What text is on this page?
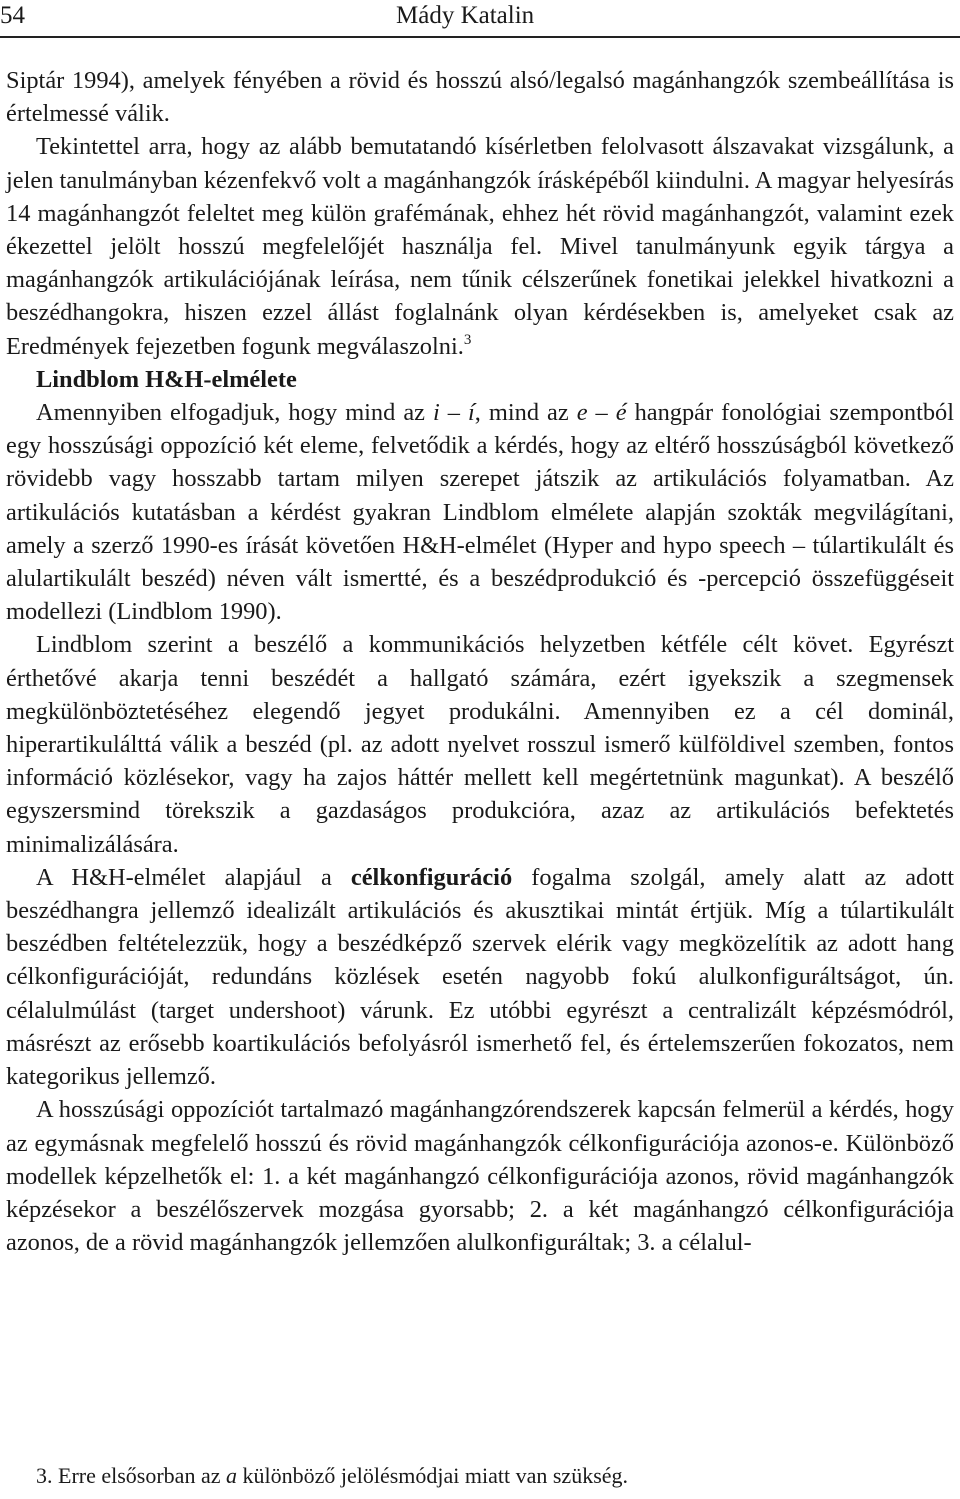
54	Mády Katalin

Siptár 1994), amelyek fényében a rövid és hosszú alsó/legalsó magánhangzók szembeállítása is értelmessé válik.

Tekintettel arra, hogy az alább bemutatandó kísérletben felolvasott álszavakat vizsgálunk, a jelen tanulmányban kézenfekvő volt a magánhangzók írásképéből kiindulni. A magyar helyesírás 14 magánhangzót feleltet meg külön grafémának, ehhez hét rövid magánhangzót, valamint ezek ékezettel jelölt hosszú megfelelőjét használja fel. Mivel tanulmányunk egyik tárgya a magánhangzók artikulációjának leírása, nem tűnik célszerűnek fonetikai jelekkel hivatkozni a beszédhangokra, hiszen ezzel állást foglalnánk olyan kérdésekben is, amelyeket csak az Eredmények fejezetben fogunk megválaszolni.$^3$

Lindblom H&H-elmélete

Amennyiben elfogadjuk, hogy mind az i – í, mind az e – é hangpár fonológiai szempontból egy hosszúsági oppozíció két eleme, felvetődik a kérdés, hogy az eltérő hosszúságból következő rövidebb vagy hosszabb tartam milyen szerepet játszik az artikulációs folyamatban. Az artikulációs kutatásban a kérdést gyakran Lindblom elmélete alapján szokták megvilágítani, amely a szerző 1990-es írását követően H&H-elmélet (Hyper and hypo speech – túlartikulált és alulartikulált beszéd) néven vált ismertté, és a beszédprodukció és -percepció összefüggéseit modellezi (Lindblom 1990).

Lindblom szerint a beszélő a kommunikációs helyzetben kétféle célt követ. Egyrészt érthetővé akarja tenni beszédét a hallgató számára, ezért igyekszik a szegmensek megkülönböztetéséhez elegendő jegyet produkálni. Amennyiben ez a cél dominál, hiperartikulálttá válik a beszéd (pl. az adott nyelvet rosszul ismerő külföldivel szemben, fontos információ közlésekor, vagy ha zajos háttér mellett kell megértetnünk magunkat). A beszélő egyszersmind törekszik a gazdaságos produkcióra, azaz az artikulációs befektetés minimalizálására.

A H&H-elmélet alapjául a célkonfiguráció fogalma szolgál, amely alatt az adott beszédhangra jellemző idealizált artikulációs és akusztikai mintát értjük. Míg a túlartikulált beszédben feltételezzük, hogy a beszédképző szervek elérik vagy megközelítik az adott hang célkonfigurációját, redundáns közlések esetén nagyobb fokú alulkonfiguráltságot, ún. célalulmúlást (target undershoot) várunk. Ez utóbbi egyrészt a centralizált képzésmódról, másrészt az erősebb koartikulációs befolyásról ismerhető fel, és értelemszerűen fokozatos, nem kategorikus jellemző.

A hosszúsági oppozíciót tartalmazó magánhangzórendszerek kapcsán felmerül a kérdés, hogy az egymásnak megfelelő hosszú és rövid magánhangzók célkonfigurációja azonos-e. Különböző modellek képzelhetők el: 1. a két magánhangzó célkonfigurációja azonos, rövid magánhangzók képzésekor a beszélőszervek mozgása gyorsabb; 2. a két magánhangzó célkonfigurációja azonos, de a rövid magánhangzók jellemzően alulkonfiguráltak; 3. a célalul-

3. Erre elsősorban az a különböző jelölésmódjai miatt van szükség.
